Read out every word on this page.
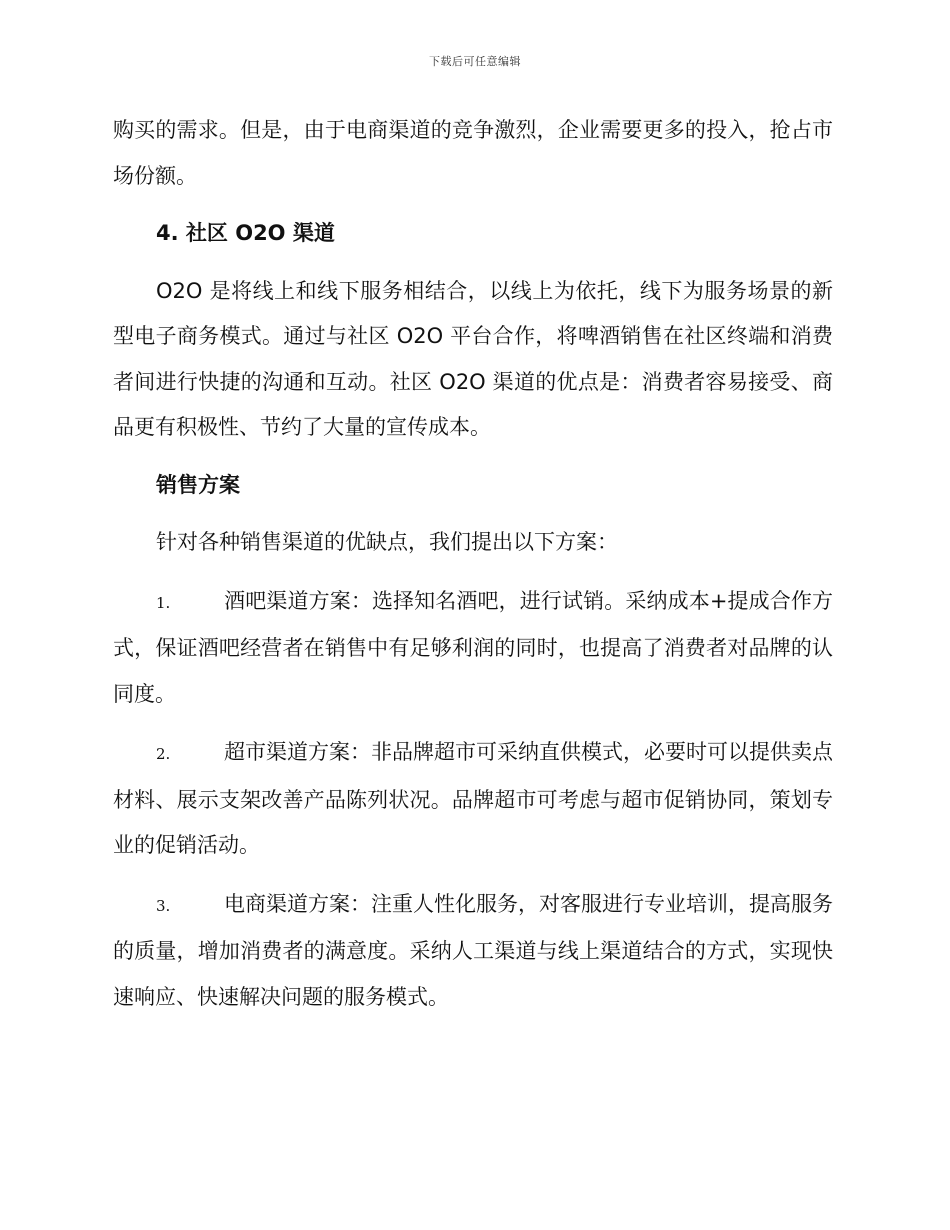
下载后可任意编辑

购买的需求。但是，由于电商渠道的竞争激烈，企业需要更多的投入，抢占市场份额。

4. 社区 O2O 渠道

O2O 是将线上和线下服务相结合，以线上为依托，线下为服务场景的新型电子商务模式。通过与社区 O2O 平台合作，将啤酒销售在社区终端和消费者间进行快捷的沟通和互动。社区 O2O 渠道的优点是：消费者容易接受、商品更有积极性、节约了大量的宣传成本。

销售方案

针对各种销售渠道的优缺点，我们提出以下方案：

1.	酒吧渠道方案：选择知名酒吧，进行试销。采纳成本+提成合作方式，保证酒吧经营者在销售中有足够利润的同时，也提高了消费者对品牌的认同度。

2.	超市渠道方案：非品牌超市可采纳直供模式，必要时可以提供卖点材料、展示支架改善产品陈列状况。品牌超市可考虑与超市促销协同，策划专业的促销活动。

3.	电商渠道方案：注重人性化服务，对客服进行专业培训，提高服务的质量，增加消费者的满意度。采纳人工渠道与线上渠道结合的方式，实现快速响应、快速解决问题的服务模式。
